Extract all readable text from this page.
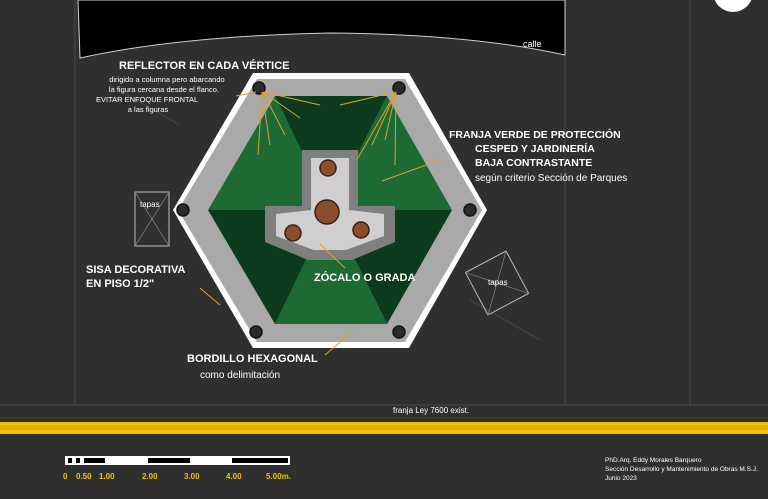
calle
tapas
tapas
REFLECTOR EN CADA VÉRTICE
dirigido a columna pero abarcando la figura cercana desde el flanco. EVITAR ENFOQUE FRONTAL a las figuras
FRANJA VERDE DE PROTECCIÓN CESPED Y JARDINERÍA BAJA CONTRASTANTE
según criterio Sección de Parques
SISA DECORATIVA EN PISO 1/2"	ZÓCALO O GRADA
BORDILLO HEXAGONAL
como delimitación
franja Ley 7600 exist.
0 0.50 1.00	2.00	3.00	4.00	5.00m.
PhD.Arq. Eddy Morales Barquero
Sección Desarrollo y Mantenimiento de Obras M.S.J.
Junio 2023
